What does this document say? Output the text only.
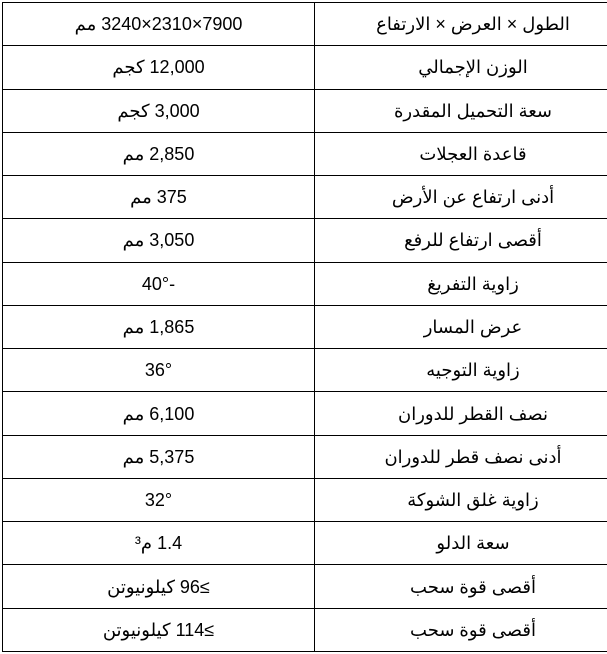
الطول × العرض × الارتفاع	7900×2310×3240 مم
الوزن الإجمالي	12,000 كجم
سعة التحميل المقدرة	3,000 كجم
قاعدة العجلات	2,850 مم
أدنى ارتفاع عن الأرض	375 مم
أقصى ارتفاع للرفع	3,050 مم
زاوية التفريغ	-40°
عرض المسار	1,865 مم
زاوية التوجيه	36°
نصف القطر للدوران	6,100 مم
أدنى نصف قطر للدوران	5,375 مم
زاوية غلق الشوكة	32°
سعة الدلو	1.4 م³
أقصى قوة سحب	≥96 كيلونيوتن
أقصى قوة سحب	≥114 كيلونيوتن
